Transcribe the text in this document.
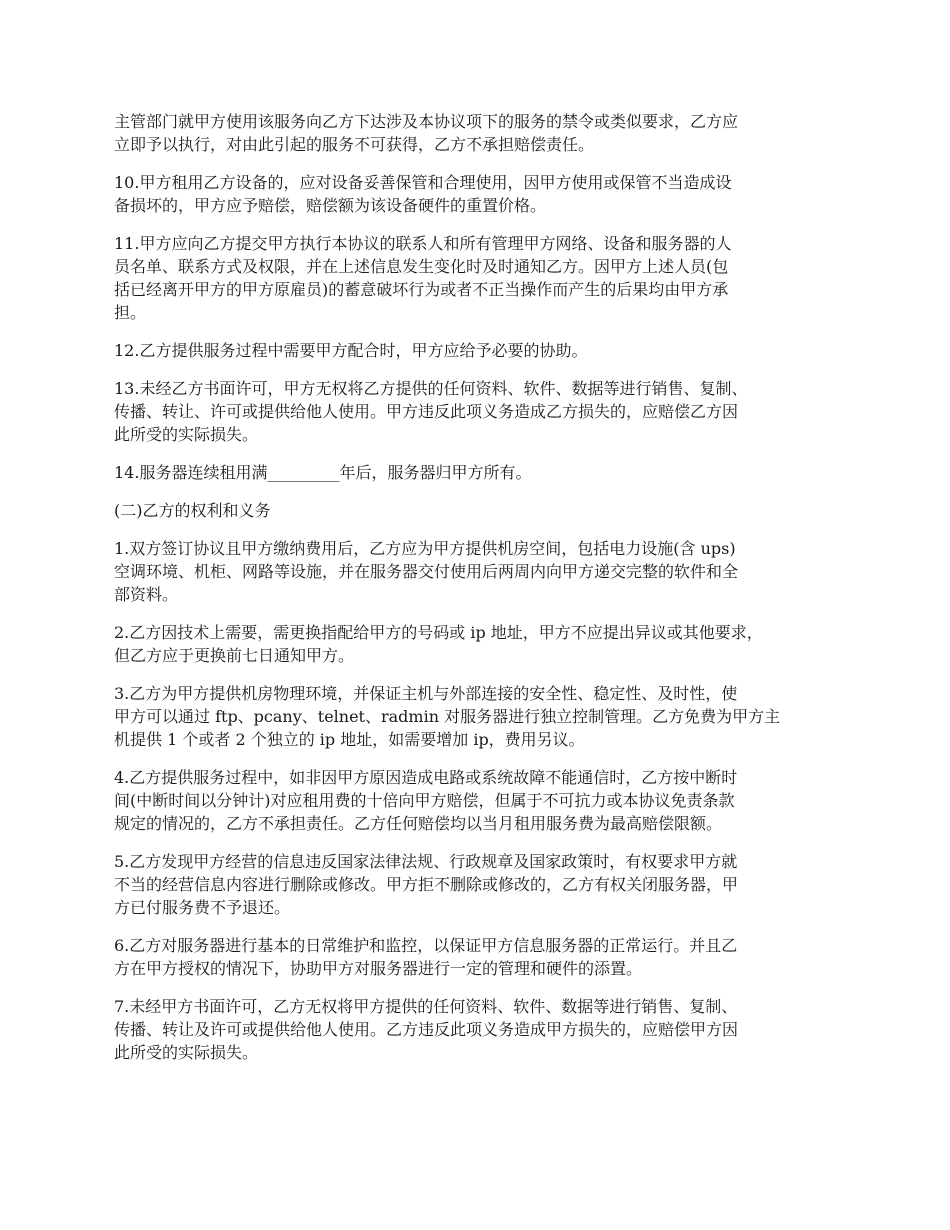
主管部门就甲方使用该服务向乙方下达涉及本协议项下的服务的禁令或类似要求，乙方应
立即予以执行，对由此引起的服务不可获得，乙方不承担赔偿责任。

10.甲方租用乙方设备的，应对设备妥善保管和合理使用，因甲方使用或保管不当造成设
备损坏的，甲方应予赔偿，赔偿额为该设备硬件的重置价格。

11.甲方应向乙方提交甲方执行本协议的联系人和所有管理甲方网络、设备和服务器的人
员名单、联系方式及权限，并在上述信息发生变化时及时通知乙方。因甲方上述人员(包
括已经离开甲方的甲方原雇员)的蓄意破坏行为或者不正当操作而产生的后果均由甲方承
担。

12.乙方提供服务过程中需要甲方配合时，甲方应给予必要的协助。

13.未经乙方书面许可，甲方无权将乙方提供的任何资料、软件、数据等进行销售、复制、
传播、转让、许可或提供给他人使用。甲方违反此项义务造成乙方损失的，应赔偿乙方因
此所受的实际损失。

14.服务器连续租用满_________年后，服务器归甲方所有。

(二)乙方的权利和义务

1.双方签订协议且甲方缴纳费用后，乙方应为甲方提供机房空间，包括电力设施(含 ups)
空调环境、机柜、网路等设施，并在服务器交付使用后两周内向甲方递交完整的软件和全
部资料。

2.乙方因技术上需要，需更换指配给甲方的号码或 ip 地址，甲方不应提出异议或其他要求，
但乙方应于更换前七日通知甲方。

3.乙方为甲方提供机房物理环境，并保证主机与外部连接的安全性、稳定性、及时性，使
甲方可以通过 ftp、pcany、telnet、radmin 对服务器进行独立控制管理。乙方免费为甲方主
机提供 1 个或者 2 个独立的 ip 地址，如需要增加 ip，费用另议。

4.乙方提供服务过程中，如非因甲方原因造成电路或系统故障不能通信时，乙方按中断时
间(中断时间以分钟计)对应租用费的十倍向甲方赔偿，但属于不可抗力或本协议免责条款
规定的情况的，乙方不承担责任。乙方任何赔偿均以当月租用服务费为最高赔偿限额。

5.乙方发现甲方经营的信息违反国家法律法规、行政规章及国家政策时，有权要求甲方就
不当的经营信息内容进行删除或修改。甲方拒不删除或修改的，乙方有权关闭服务器，甲
方已付服务费不予退还。

6.乙方对服务器进行基本的日常维护和监控，以保证甲方信息服务器的正常运行。并且乙
方在甲方授权的情况下，协助甲方对服务器进行一定的管理和硬件的添置。

7.未经甲方书面许可，乙方无权将甲方提供的任何资料、软件、数据等进行销售、复制、
传播、转让及许可或提供给他人使用。乙方违反此项义务造成甲方损失的，应赔偿甲方因
此所受的实际损失。
